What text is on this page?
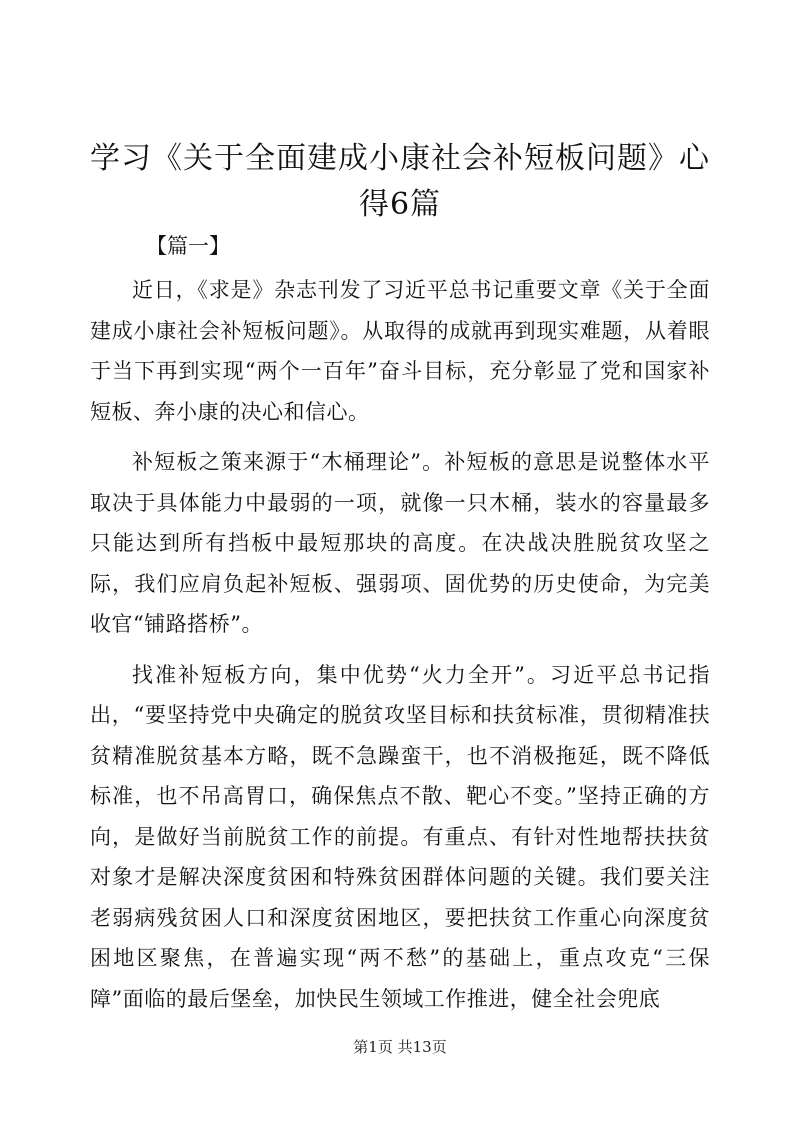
学习《关于全面建成小康社会补短板问题》心得6篇
【篇一】

近日，《求是》杂志刊发了习近平总书记重要文章《关于全面建成小康社会补短板问题》。从取得的成就再到现实难题，从着眼于当下再到实现“两个一百年”奋斗目标，充分彰显了党和国家补短板、奔小康的决心和信心。

补短板之策来源于“木桶理论”。补短板的意思是说整体水平取决于具体能力中最弱的一项，就像一只木桶，装水的容量最多只能达到所有挡板中最短那块的高度。在决战决胜脱贫攻坚之际，我们应肩负起补短板、强弱项、固优势的历史使命，为完美收官“铺路搭桥”。

找准补短板方向，集中优势“火力全开”。习近平总书记指出，“要坚持党中央确定的脱贫攻坚目标和扶贫标准，贯彻精准扶贫精准脱贫基本方略，既不急躁蛮干，也不消极拖延，既不降低标准，也不吊高胃口，确保焦点不散、靶心不变。”坚持正确的方向，是做好当前脱贫工作的前提。有重点、有针对性地帮扶扶贫对象才是解决深度贫困和特殊贫困群体问题的关键。我们要关注老弱病残贫困人口和深度贫困地区，要把扶贫工作重心向深度贫困地区聚焦，在普遍实现“两不愁”的基础上，重点攻克“三保障”面临的最后堡垒，加快民生领域工作推进，健全社会兜底

第1页 共13页
